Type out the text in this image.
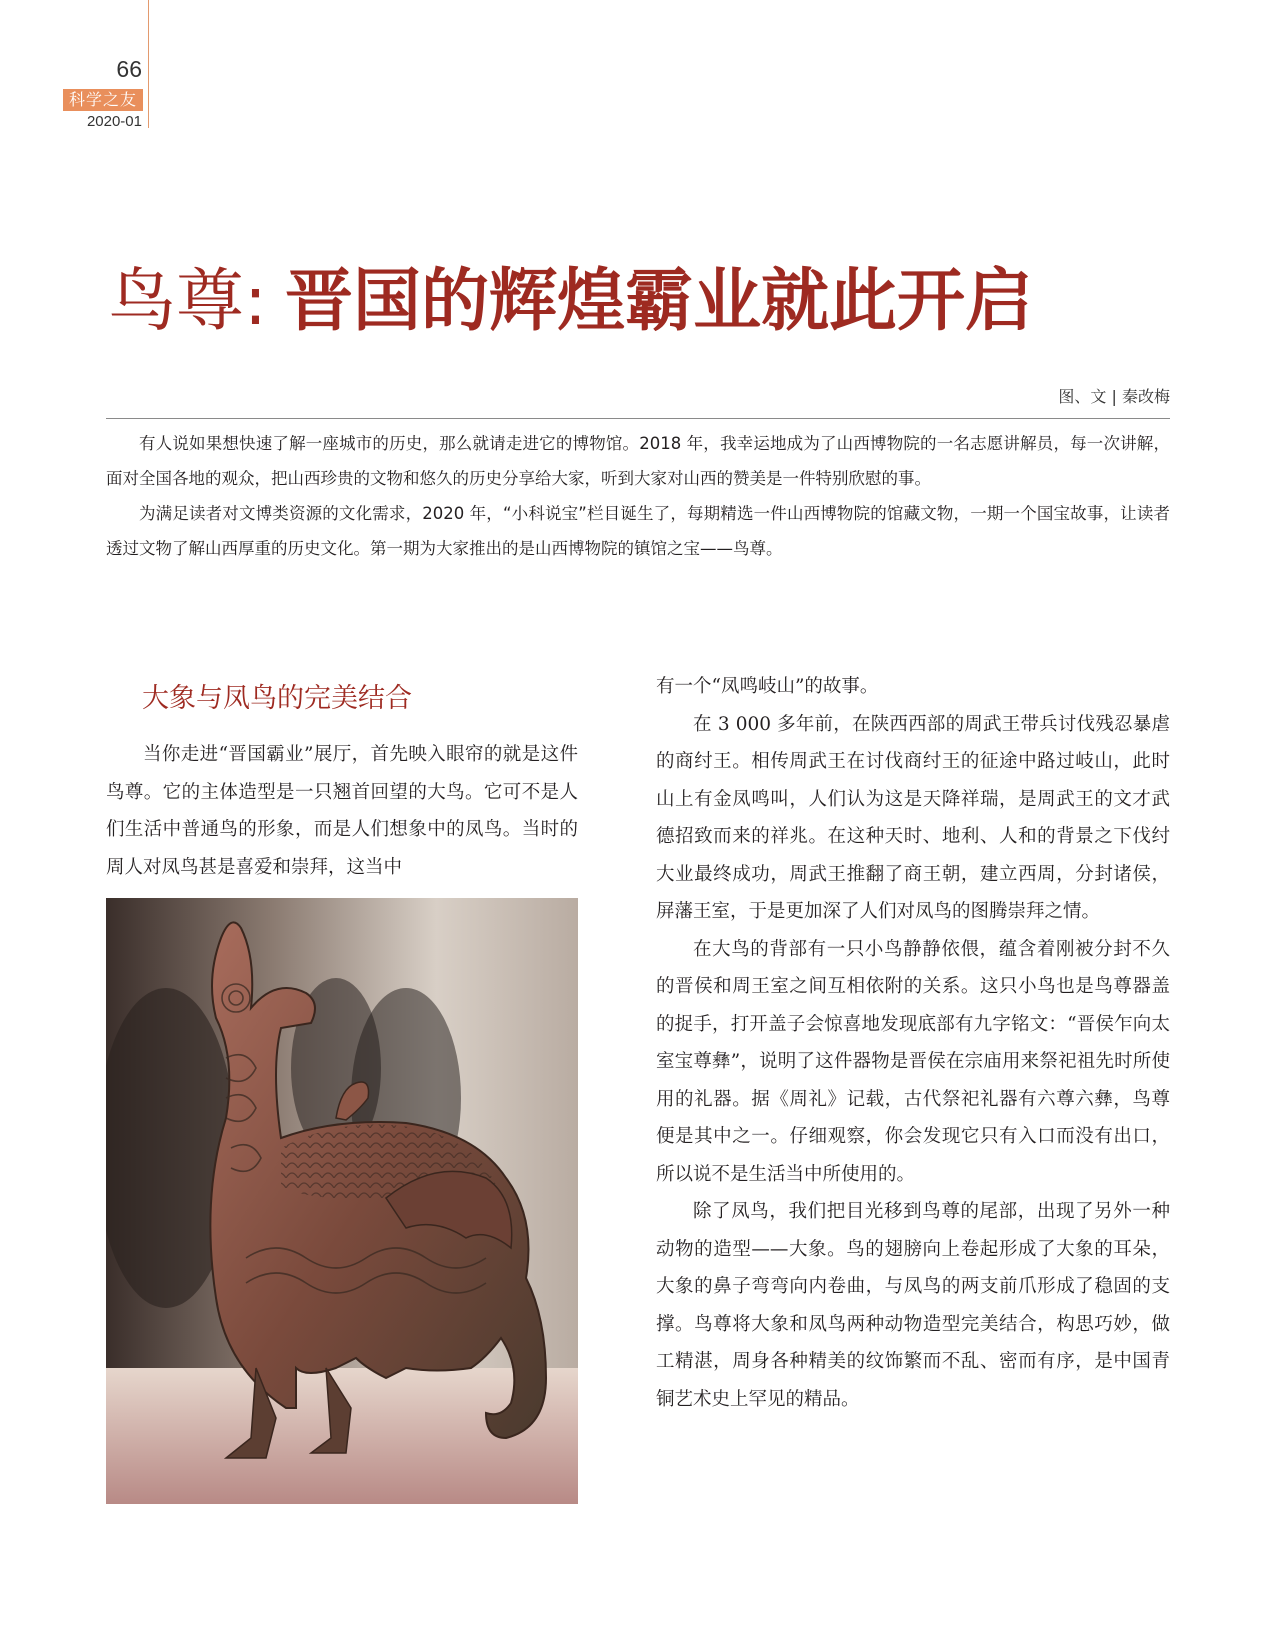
66
科学之友
2020-01
鸟尊: 晋国的辉煌霸业就此开启
图、文 | 秦改梅

有人说如果想快速了解一座城市的历史，那么就请走进它的博物馆。2018 年，我幸运地成为了山西博物院的一名志愿讲解员，每一次讲解，面对全国各地的观众，把山西珍贵的文物和悠久的历史分享给大家，听到大家对山西的赞美是一件特别欣慰的事。

为满足读者对文博类资源的文化需求，2020 年，“小科说宝”栏目诞生了，每期精选一件山西博物院的馆藏文物，一期一个国宝故事，让读者透过文物了解山西厚重的历史文化。第一期为大家推出的是山西博物院的镇馆之宝——鸟尊。

大象与凤鸟的完美结合

当你走进“晋国霸业”展厅，首先映入眼帘的就是这件鸟尊。它的主体造型是一只翘首回望的大鸟。它可不是人们生活中普通鸟的形象，而是人们想象中的凤鸟。当时的周人对凤鸟甚是喜爱和崇拜，这当中

有一个“凤鸣岐山”的故事。

在 3 000 多年前，在陕西西部的周武王带兵讨伐残忍暴虐的商纣王。相传周武王在讨伐商纣王的征途中路过岐山，此时山上有金凤鸣叫，人们认为这是天降祥瑞，是周武王的文才武德招致而来的祥兆。在这种天时、地利、人和的背景之下伐纣大业最终成功，周武王推翻了商王朝，建立西周，分封诸侯，屏藩王室，于是更加深了人们对凤鸟的图腾崇拜之情。

在大鸟的背部有一只小鸟静静依偎，蕴含着刚被分封不久的晋侯和周王室之间互相依附的关系。这只小鸟也是鸟尊器盖的捉手，打开盖子会惊喜地发现底部有九字铭文：“晋侯乍向太室宝尊彝”，说明了这件器物是晋侯在宗庙用来祭祀祖先时所使用的礼器。据《周礼》记载，古代祭祀礼器有六尊六彝，鸟尊便是其中之一。仔细观察，你会发现它只有入口而没有出口，所以说不是生活当中所使用的。

除了凤鸟，我们把目光移到鸟尊的尾部，出现了另外一种动物的造型——大象。鸟的翅膀向上卷起形成了大象的耳朵，大象的鼻子弯弯向内卷曲，与凤鸟的两支前爪形成了稳固的支撑。鸟尊将大象和凤鸟两种动物造型完美结合，构思巧妙，做工精湛，周身各种精美的纹饰繁而不乱、密而有序，是中国青铜艺术史上罕见的精品。
